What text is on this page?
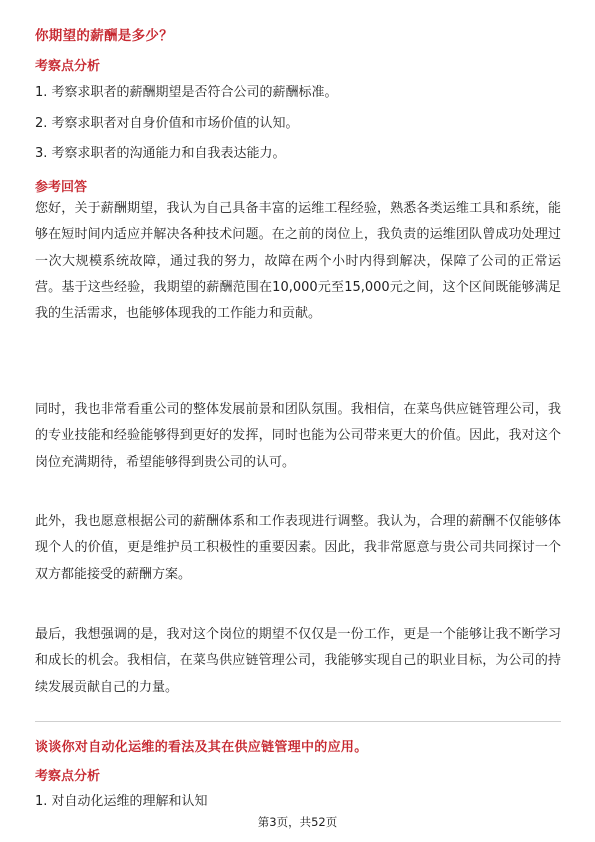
你期望的薪酬是多少？
考察点分析
1. 考察求职者的薪酬期望是否符合公司的薪酬标准。
2. 考察求职者对自身价值和市场价值的认知。
3. 考察求职者的沟通能力和自我表达能力。
参考回答

您好，关于薪酬期望，我认为自己具备丰富的运维工程经验，熟悉各类运维工具和系统，能够在短时间内适应并解决各种技术问题。在之前的岗位上，我负责的运维团队曾成功处理过一次大规模系统故障，通过我的努力，故障在两个小时内得到解决，保障了公司的正常运营。基于这些经验，我期望的薪酬范围在10,000元至15,000元之间，这个区间既能够满足我的生活需求，也能够体现我的工作能力和贡献。

同时，我也非常看重公司的整体发展前景和团队氛围。我相信，在菜鸟供应链管理公司，我的专业技能和经验能够得到更好的发挥，同时也能为公司带来更大的价值。因此，我对这个岗位充满期待，希望能够得到贵公司的认可。

此外，我也愿意根据公司的薪酬体系和工作表现进行调整。我认为，合理的薪酬不仅能够体现个人的价值，更是维护员工积极性的重要因素。因此，我非常愿意与贵公司共同探讨一个双方都能接受的薪酬方案。

最后，我想强调的是，我对这个岗位的期望不仅仅是一份工作，更是一个能够让我不断学习和成长的机会。我相信，在菜鸟供应链管理公司，我能够实现自己的职业目标，为公司的持续发展贡献自己的力量。

谈谈你对自动化运维的看法及其在供应链管理中的应用。
考察点分析
1. 对自动化运维的理解和认知
第3页，共52页
